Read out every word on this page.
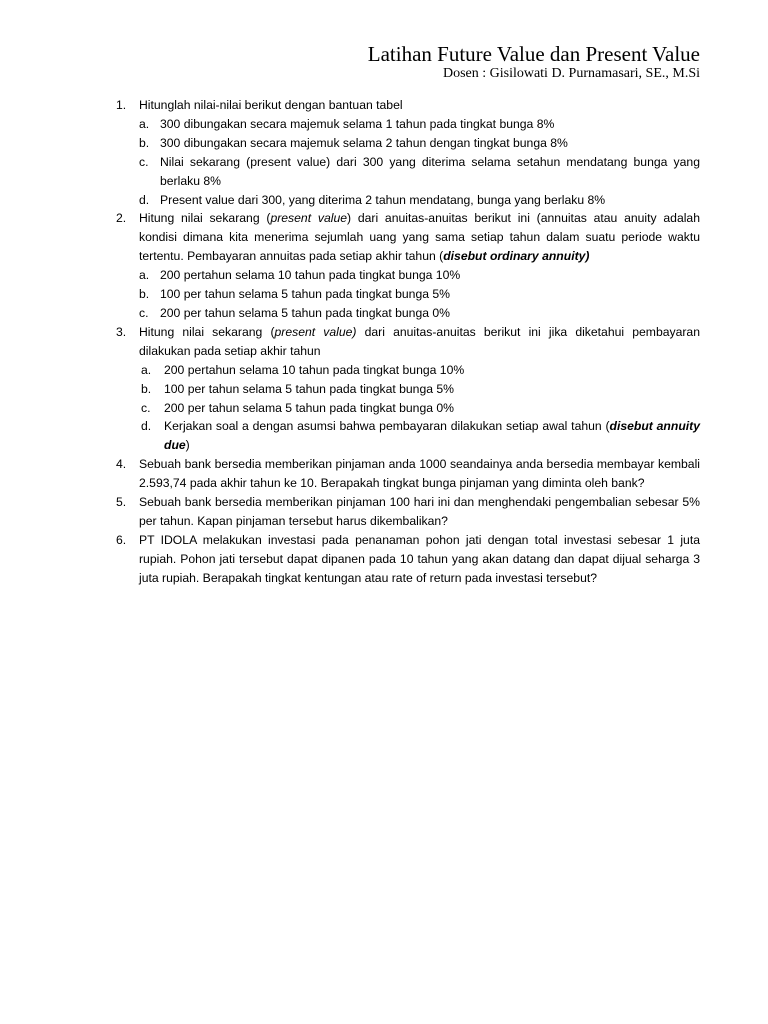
Latihan Future Value dan Present Value
Dosen : Gisilowati D. Purnamasari, SE., M.Si
1. Hitunglah nilai-nilai berikut dengan bantuan tabel
a. 300 dibungakan secara majemuk selama 1 tahun pada tingkat bunga 8%
b. 300 dibungakan secara majemuk selama 2 tahun dengan tingkat bunga 8%
c. Nilai sekarang (present value) dari 300 yang diterima selama setahun mendatang bunga yang berlaku 8%
d. Present value dari 300, yang diterima 2 tahun mendatang, bunga yang berlaku 8%
2. Hitung nilai sekarang (present value) dari anuitas-anuitas berikut ini (annuitas atau anuity adalah kondisi dimana kita menerima sejumlah uang yang sama setiap tahun dalam suatu periode waktu tertentu. Pembayaran annuitas pada setiap akhir tahun (disebut ordinary annuity)
a. 200 pertahun selama 10 tahun pada tingkat bunga 10%
b. 100 per tahun selama 5 tahun pada tingkat bunga 5%
c. 200 per tahun selama 5 tahun pada tingkat bunga 0%
3. Hitung nilai sekarang (present value) dari anuitas-anuitas berikut ini jika diketahui pembayaran dilakukan pada setiap akhir tahun
a. 200 pertahun selama 10 tahun pada tingkat bunga 10%
b. 100 per tahun selama 5 tahun pada tingkat bunga 5%
c. 200 per tahun selama 5 tahun pada tingkat bunga 0%
d. Kerjakan soal a dengan asumsi bahwa pembayaran dilakukan setiap awal tahun (disebut annuity due)
4. Sebuah bank bersedia memberikan pinjaman anda 1000 seandainya anda bersedia membayar kembali 2.593,74 pada akhir tahun ke 10. Berapakah tingkat bunga pinjaman yang diminta oleh bank?
5. Sebuah bank bersedia memberikan pinjaman 100 hari ini dan menghendaki pengembalian sebesar 5% per tahun. Kapan pinjaman tersebut harus dikembalikan?
6. PT IDOLA melakukan investasi pada penanaman pohon jati dengan total investasi sebesar 1 juta rupiah. Pohon jati tersebut dapat dipanen pada 10 tahun yang akan datang dan dapat dijual seharga 3 juta rupiah. Berapakah tingkat kentungan atau rate of return pada investasi tersebut?
